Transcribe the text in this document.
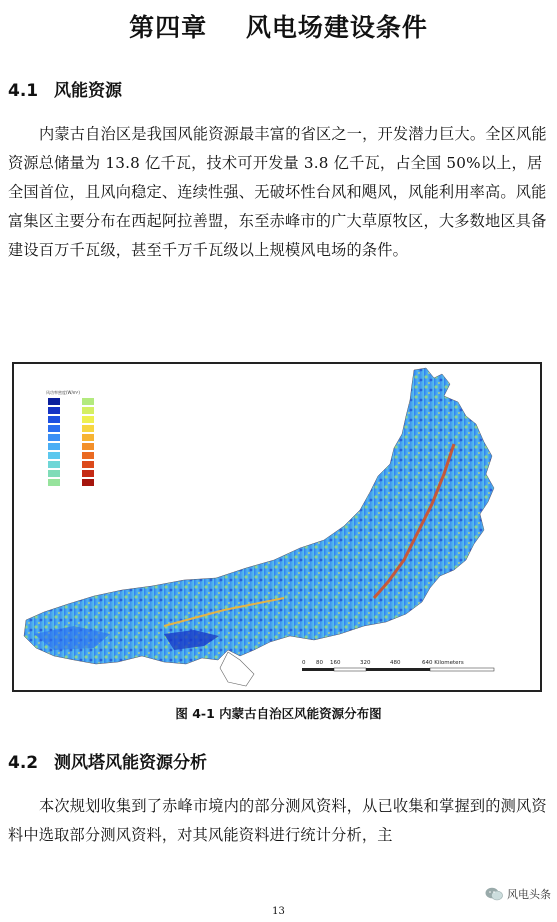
第四章    风电场建设条件
4.1 风能资源

内蒙古自治区是我国风能资源最丰富的省区之一，开发潜力巨大。全区风能资源总储量为 13.8 亿千瓦，技术可开发量 3.8 亿千瓦，占全国 50%以上，居全国首位，且风向稳定、连续性强、无破坏性台风和飓风，风能利用率高。风能富集区主要分布在西起阿拉善盟，东至赤峰市的广大草原牧区，大多数地区具备建设百万千瓦级，甚至千万千瓦级以上规模风电场的条件。

风功率密度(W/m²)
0 80 160	320	480	640 Kilometers
图 4-1 内蒙古自治区风能资源分布图
4.2 测风塔风能资源分析

本次规划收集到了赤峰市境内的部分测风资料，从已收集和掌握到的测风资料中选取部分测风资料，对其风能资料进行统计分析，主

风电头条
13
